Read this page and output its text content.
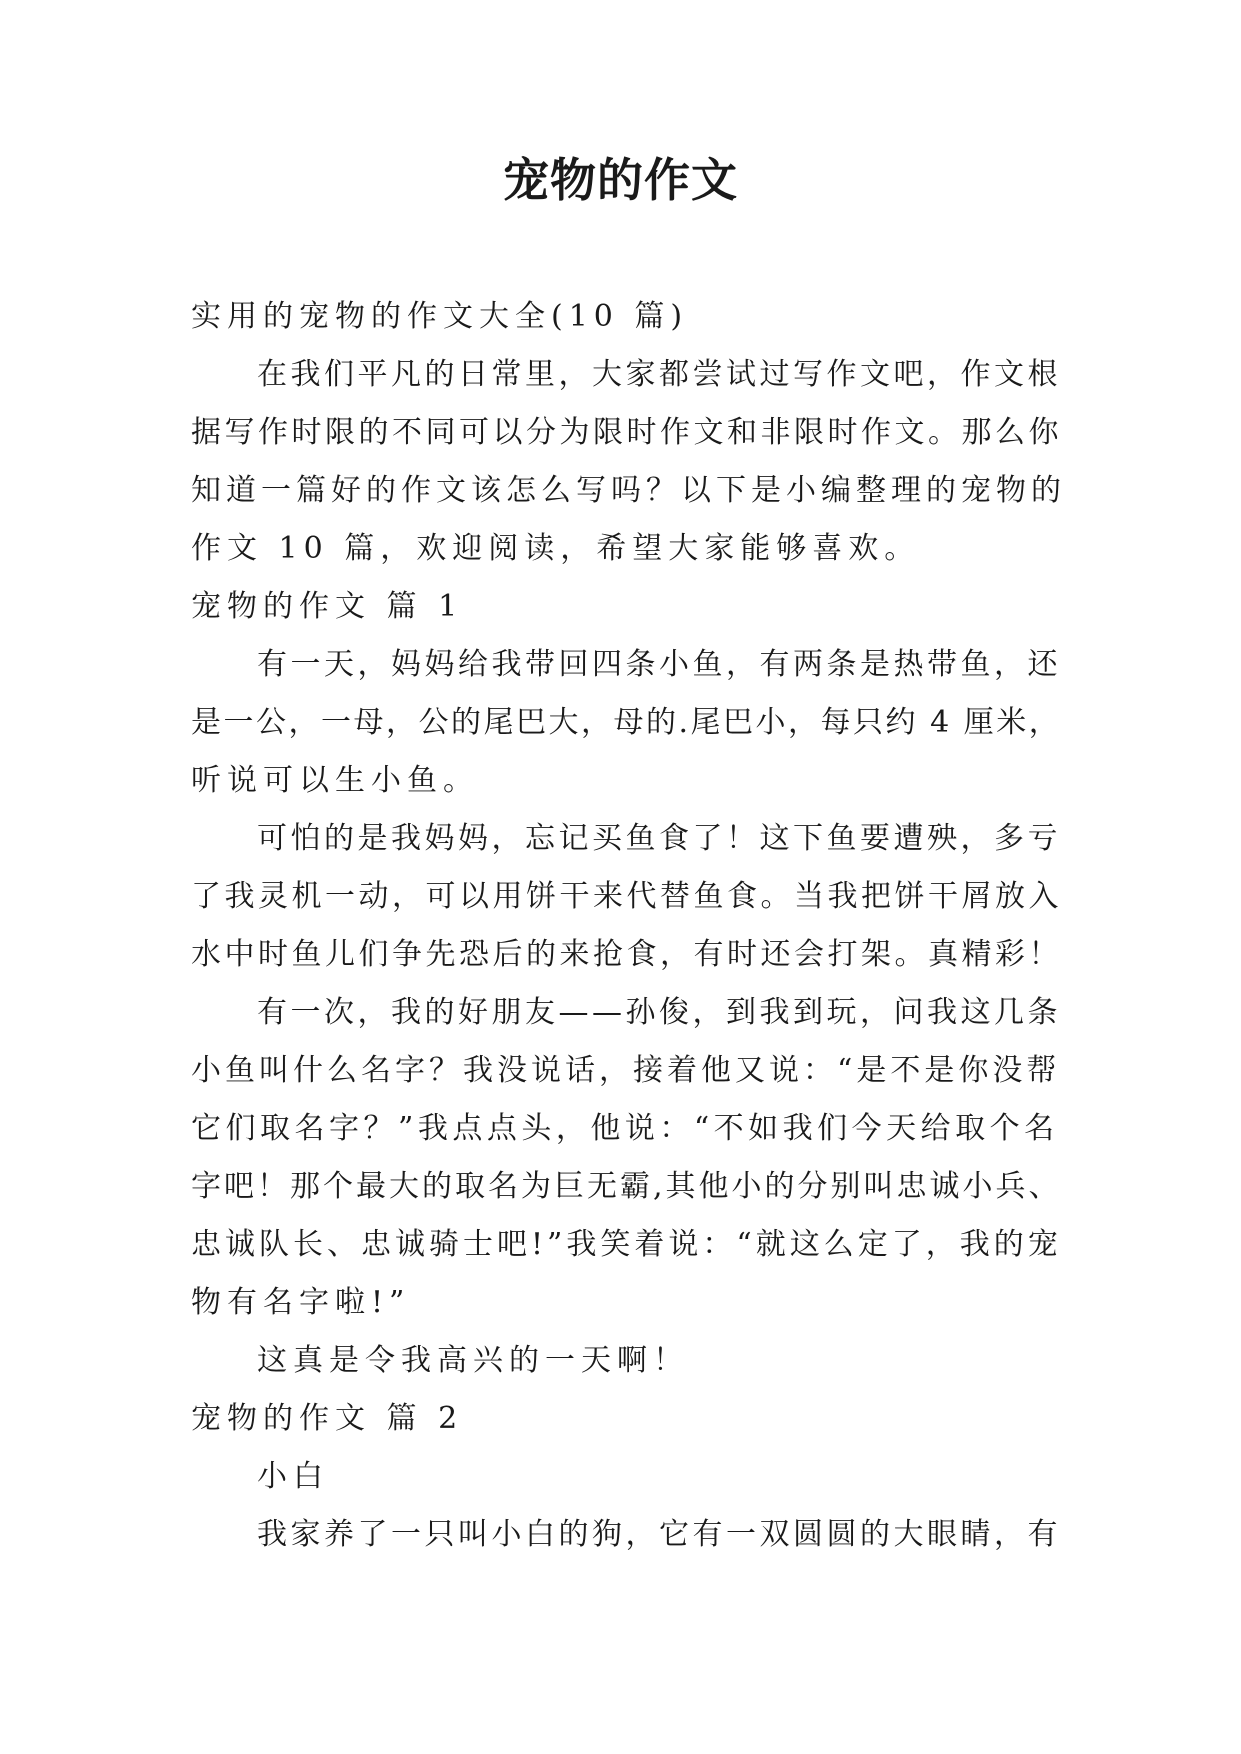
宠物的作文
实用的宠物的作文大全(10 篇)
在我们平凡的日常里，大家都尝试过写作文吧，作文根
据写作时限的不同可以分为限时作文和非限时作文。那么你
知道一篇好的作文该怎么写吗？以下是小编整理的宠物的
作文 10 篇，欢迎阅读，希望大家能够喜欢。
宠物的作文 篇 1
有一天，妈妈给我带回四条小鱼，有两条是热带鱼，还
是一公，一母，公的尾巴大，母的.尾巴小，每只约 4 厘米，
听说可以生小鱼。
可怕的是我妈妈，忘记买鱼食了！这下鱼要遭殃，多亏
了我灵机一动，可以用饼干来代替鱼食。当我把饼干屑放入
水中时鱼儿们争先恐后的来抢食，有时还会打架。真精彩！
有一次，我的好朋友——孙俊，到我到玩，问我这几条
小鱼叫什么名字？我没说话，接着他又说：“是不是你没帮
它们取名字？”我点点头，他说：“不如我们今天给取个名
字吧！那个最大的取名为巨无霸,其他小的分别叫忠诚小兵、
忠诚队长、忠诚骑士吧!”我笑着说：“就这么定了，我的宠
物有名字啦!”
这真是令我高兴的一天啊！
宠物的作文 篇 2
小白
我家养了一只叫小白的狗，它有一双圆圆的大眼睛，有
